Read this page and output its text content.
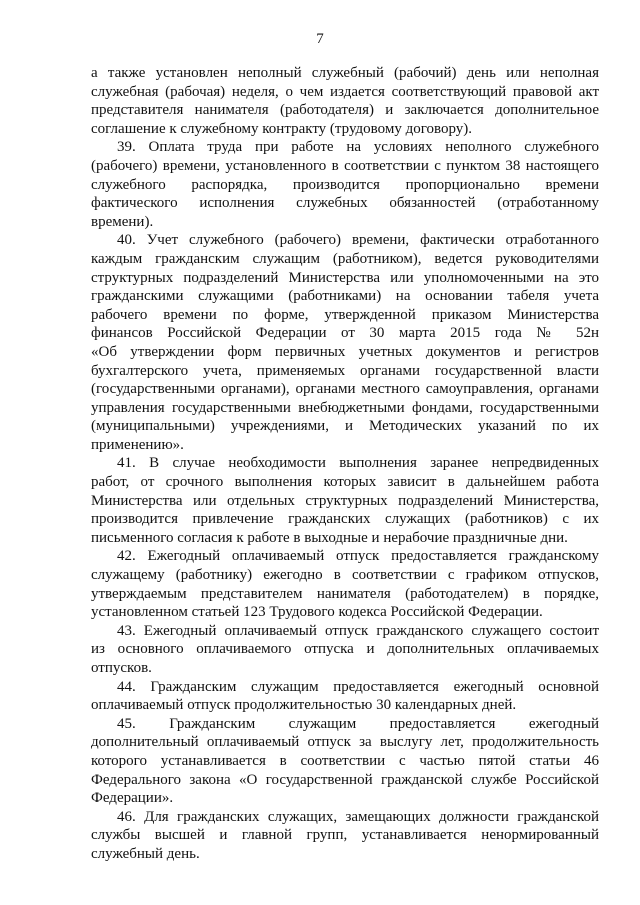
7
а также установлен неполный служебный (рабочий) день или неполная
служебная (рабочая) неделя, о чем издается соответствующий правовой акт
представителя нанимателя (работодателя) и заключается дополнительное
соглашение к служебному контракту (трудовому договору).
39. Оплата труда при работе на условиях неполного служебного
(рабочего) времени, установленного в соответствии с пунктом 38 настоящего
служебного распорядка, производится пропорционально времени
фактического исполнения служебных обязанностей (отработанному
времени).
40. Учет служебного (рабочего) времени, фактически отработанного
каждым гражданским служащим (работником), ведется руководителями
структурных подразделений Министерства или уполномоченными на это
гражданскими служащими (работниками) на основании табеля учета
рабочего времени по форме, утвержденной приказом Министерства
финансов Российской Федерации от 30 марта 2015 года № 52н
«Об утверждении форм первичных учетных документов и регистров
бухгалтерского учета, применяемых органами государственной власти
(государственными органами), органами местного самоуправления, органами
управления государственными внебюджетными фондами, государственными
(муниципальными) учреждениями, и Методических указаний по их
применению».
41. В случае необходимости выполнения заранее непредвиденных
работ, от срочного выполнения которых зависит в дальнейшем работа
Министерства или отдельных структурных подразделений Министерства,
производится привлечение гражданских служащих (работников) с их
письменного согласия к работе в выходные и нерабочие праздничные дни.
42. Ежегодный оплачиваемый отпуск предоставляется гражданскому
служащему (работнику) ежегодно в соответствии с графиком отпусков,
утверждаемым представителем нанимателя (работодателем) в порядке,
установленном статьей 123 Трудового кодекса Российской Федерации.
43. Ежегодный оплачиваемый отпуск гражданского служащего состоит
из основного оплачиваемого отпуска и дополнительных оплачиваемых
отпусков.
44. Гражданским служащим предоставляется ежегодный основной
оплачиваемый отпуск продолжительностью 30 календарных дней.
45. Гражданским служащим предоставляется ежегодный
дополнительный оплачиваемый отпуск за выслугу лет, продолжительность
которого устанавливается в соответствии с частью пятой статьи 46
Федерального закона «О государственной гражданской службе Российской
Федерации».
46. Для гражданских служащих, замещающих должности гражданской
службы высшей и главной групп, устанавливается ненормированный
служебный день.
